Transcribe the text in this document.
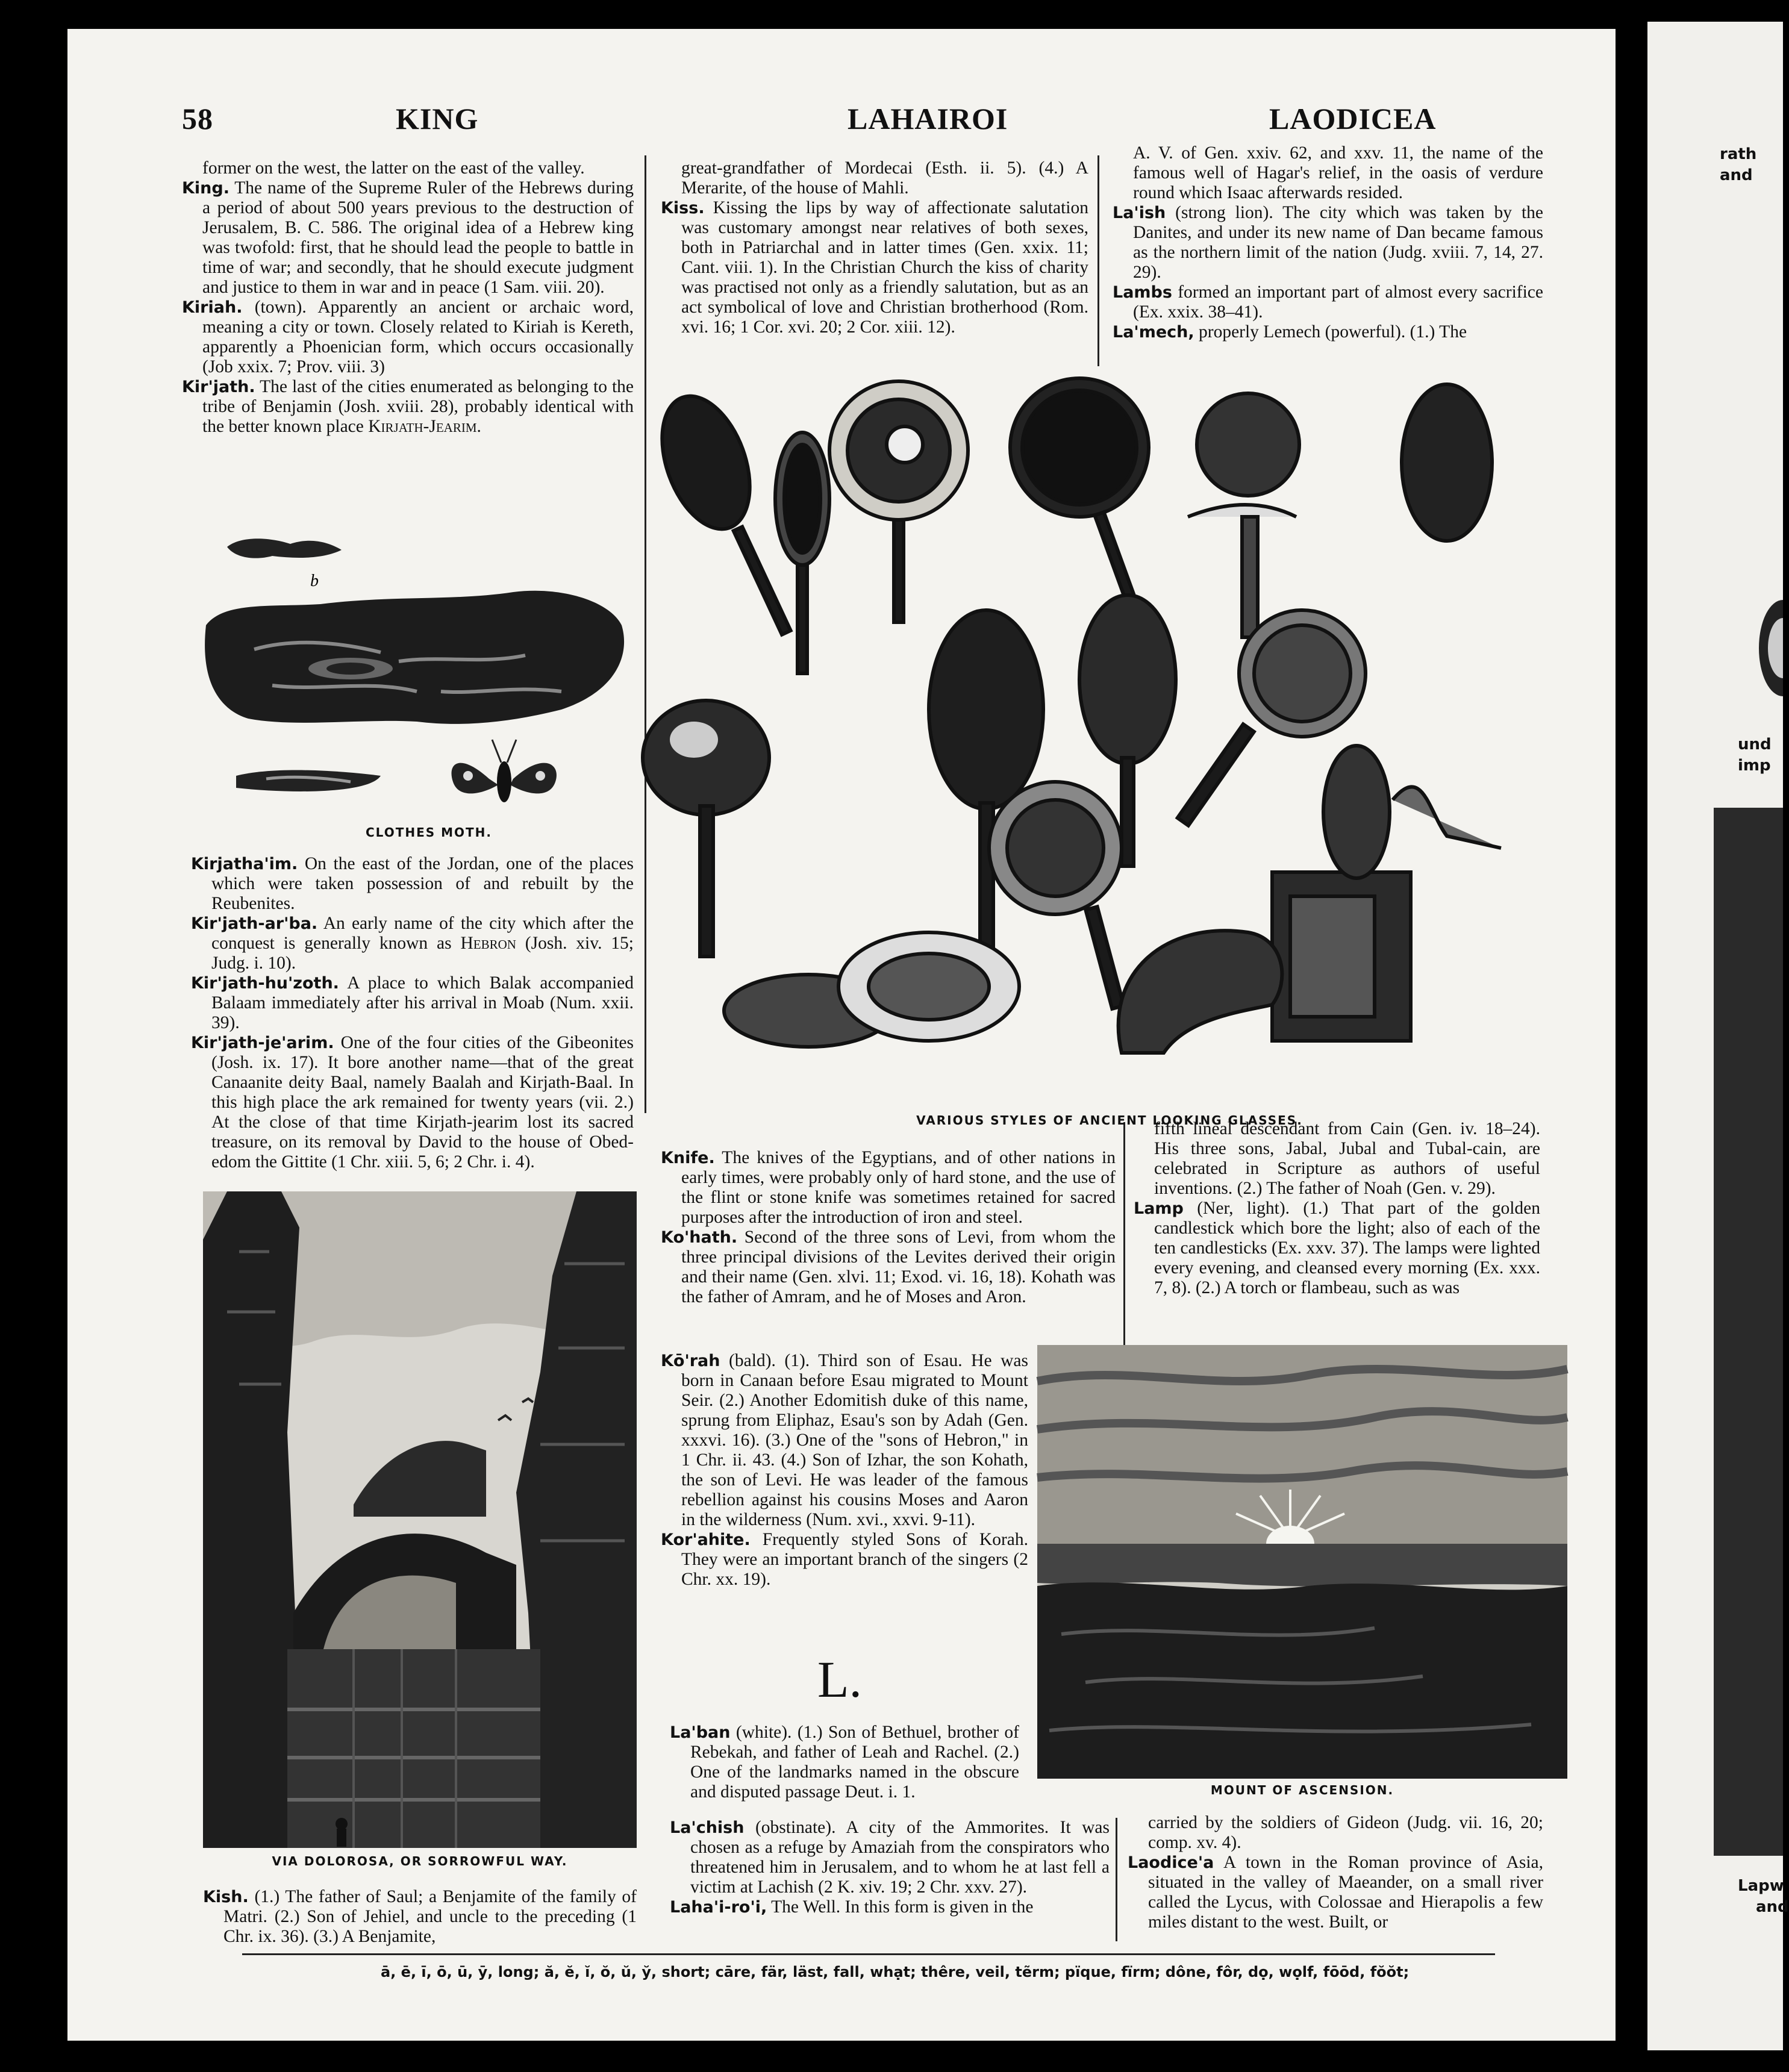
58	KING	LAHAIROI	LAODICEA

former on the west, the latter on the east of the valley.

King. The name of the Supreme Ruler of the Hebrews during a period of about 500 years previous to the destruction of Jerusalem, B. C. 586. The original idea of a Hebrew king was twofold: first, that he should lead the people to battle in time of war; and secondly, that he should execute judgment and justice to them in war and in peace (1 Sam. viii. 20).

Kiriah. (town). Apparently an ancient or archaic word, meaning a city or town. Closely related to Kiriah is Kereth, apparently a Phoenician form, which occurs occasionally (Job xxix. 7; Prov. viii. 3)

Kir'jath. The last of the cities enumerated as belonging to the tribe of Benjamin (Josh. xviii. 28), probably identical with the better known place Kirjath-Jearim.

b
CLOTHES MOTH.

Kirjatha'im. On the east of the Jordan, one of the places which were taken possession of and rebuilt by the Reubenites.

Kir'jath-ar'ba. An early name of the city which after the conquest is generally known as Hebron (Josh. xiv. 15; Judg. i. 10).

Kir'jath-hu'zoth. A place to which Balak accompanied Balaam immediately after his arrival in Moab (Num. xxii. 39).

Kir'jath-je'arim. One of the four cities of the Gibeonites (Josh. ix. 17). It bore another name—that of the great Canaanite deity Baal, namely Baalah and Kirjath-Baal. In this high place the ark remained for twenty years (vii. 2.) At the close of that time Kirjath-jearim lost its sacred treasure, on its removal by David to the house of Obed-edom the Gittite (1 Chr. xiii. 5, 6; 2 Chr. i. 4).

VIA DOLOROSA, OR SORROWFUL WAY.

Kish. (1.) The father of Saul; a Benjamite of the family of Matri. (2.) Son of Jehiel, and uncle to the preceding (1 Chr. ix. 36). (3.) A Benjamite,

great-grandfather of Mordecai (Esth. ii. 5). (4.) A Merarite, of the house of Mahli.

Kiss. Kissing the lips by way of affectionate salutation was customary amongst near relatives of both sexes, both in Patriarchal and in latter times (Gen. xxix. 11; Cant. viii. 1). In the Christian Church the kiss of charity was practised not only as a friendly salutation, but as an act symbolical of love and Christian brotherhood (Rom. xvi. 16; 1 Cor. xvi. 20; 2 Cor. xiii. 12).

A. V. of Gen. xxiv. 62, and xxv. 11, the name of the famous well of Hagar's relief, in the oasis of verdure round which Isaac afterwards resided.

La'ish (strong lion). The city which was taken by the Danites, and under its new name of Dan became famous as the northern limit of the nation (Judg. xviii. 7, 14, 27. 29).

Lambs formed an important part of almost every sacrifice (Ex. xxix. 38–41).

La'mech, properly Lemech (powerful). (1.) The

VARIOUS STYLES OF ANCIENT LOOKING GLASSES.

Knife. The knives of the Egyptians, and of other nations in early times, were probably only of hard stone, and the use of the flint or stone knife was sometimes retained for sacred purposes after the introduction of iron and steel.

Ko'hath. Second of the three sons of Levi, from whom the three principal divisions of the Levites derived their origin and their name (Gen. xlvi. 11; Exod. vi. 16, 18). Kohath was the father of Amram, and he of Moses and Aron.

Kō'rah (bald). (1). Third son of Esau. He was born in Canaan before Esau migrated to Mount Seir. (2.) Another Edomitish duke of this name, sprung from Eliphaz, Esau's son by Adah (Gen. xxxvi. 16). (3.) One of the "sons of Hebron," in 1 Chr. ii. 43. (4.) Son of Izhar, the son Kohath, the son of Levi. He was leader of the famous rebellion against his cousins Moses and Aaron in the wilderness (Num. xvi., xxvi. 9-11).

Kor'ahite. Frequently styled Sons of Korah. They were an important branch of the singers (2 Chr. xx. 19).

L.

La'ban (white). (1.) Son of Bethuel, brother of Rebekah, and father of Leah and Rachel. (2.) One of the landmarks named in the obscure and disputed passage Deut. i. 1.

La'chish (obstinate). A city of the Ammorites. It was chosen as a refuge by Amaziah from the conspirators who threatened him in Jerusalem, and to whom he at last fell a victim at Lachish (2 K. xiv. 19; 2 Chr. xxv. 27).

Laha'i-ro'i, The Well. In this form is given in the

fifth lineal descendant from Cain (Gen. iv. 18–24). His three sons, Jabal, Jubal and Tubal-cain, are celebrated in Scripture as authors of useful inventions. (2.) The father of Noah (Gen. v. 29).

Lamp (Ner, light). (1.) That part of the golden candlestick which bore the light; also of each of the ten candlesticks (Ex. xxv. 37). The lamps were lighted every evening, and cleansed every morning (Ex. xxx. 7, 8). (2.) A torch or flambeau, such as was

MOUNT OF ASCENSION.

carried by the soldiers of Gideon (Judg. vii. 16, 20; comp. xv. 4).

Laodice'a A town in the Roman province of Asia, situated in the valley of Maeander, on a small river called the Lycus, with Colossae and Hierapolis a few miles distant to the west. Built, or

ā, ē, ī, ō, ū, ȳ, long; ă, ĕ, ĭ, ŏ, ŭ, y̆, short; cāre, fär, läst, fall, whạt; thêre, veil, tẽrm; pïque, fïrm; dône, fôr, dọ, wọlf, fōōd, fŏŏt;
rath
and
und
imp
Lapw
and
